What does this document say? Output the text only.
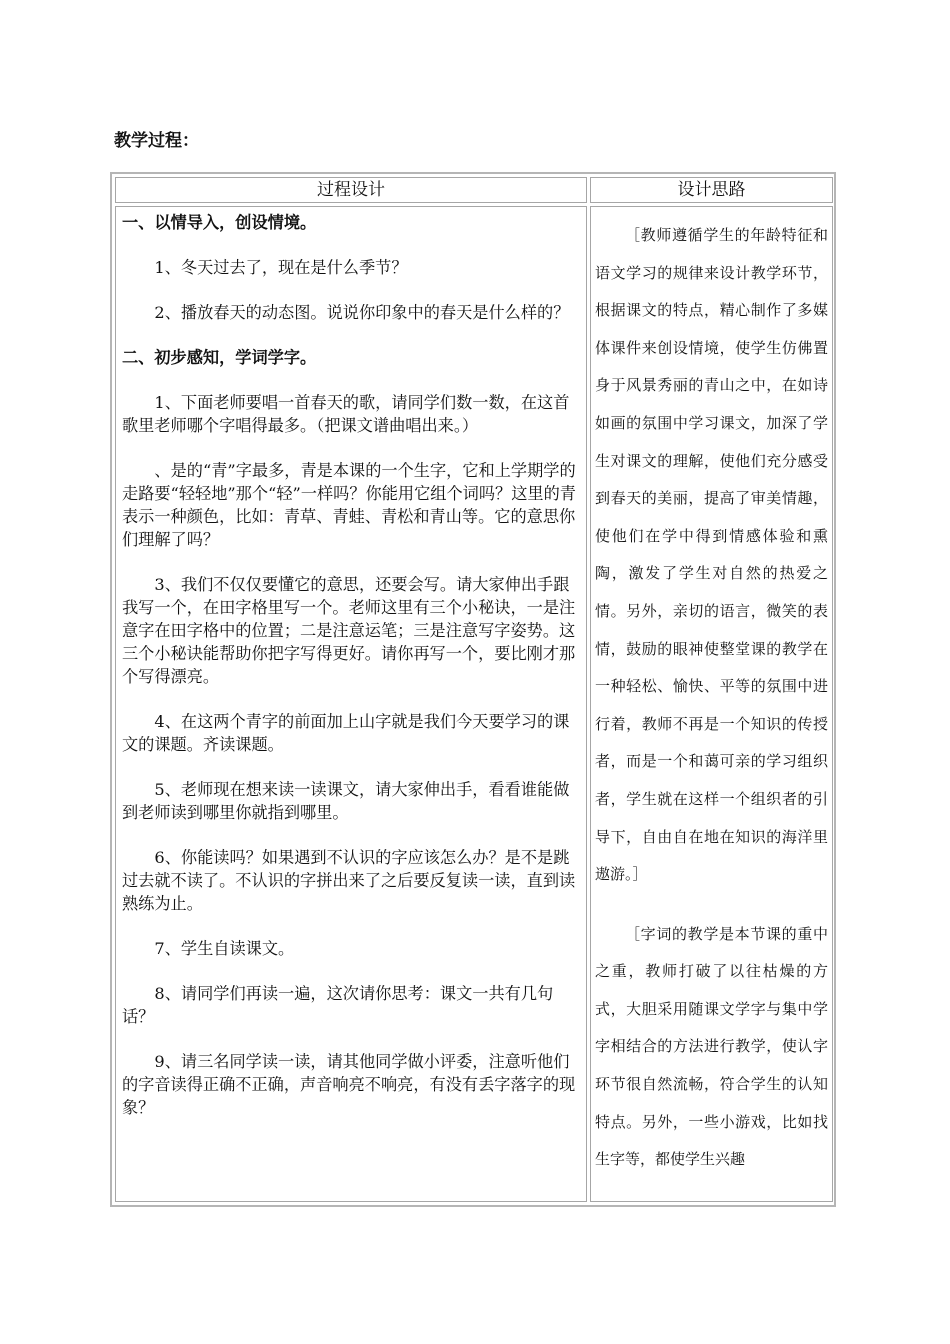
教学过程：
过程设计	设计思路

一、以情导入，创设情境。

1、冬天过去了，现在是什么季节？

2、播放春天的动态图。说说你印象中的春天是什么样的？

二、初步感知，学词学字。

1、下面老师要唱一首春天的歌，请同学们数一数，在这首歌里老师哪个字唱得最多。（把课文谱曲唱出来。）

、是的“青”字最多，青是本课的一个生字，它和上学期学的走路要“轻轻地”那个“轻”一样吗？你能用它组个词吗？这里的青表示一种颜色，比如：青草、青蛙、青松和青山等。它的意思你们理解了吗？

3、我们不仅仅要懂它的意思，还要会写。请大家伸出手跟我写一个，在田字格里写一个。老师这里有三个小秘诀，一是注意字在田字格中的位置；二是注意运笔；三是注意写字姿势。这三个小秘诀能帮助你把字写得更好。请你再写一个，要比刚才那个写得漂亮。

4、在这两个青字的前面加上山字就是我们今天要学习的课文的课题。齐读课题。

5、老师现在想来读一读课文，请大家伸出手，看看谁能做到老师读到哪里你就指到哪里。

6、你能读吗？如果遇到不认识的字应该怎么办？是不是跳过去就不读了。不认识的字拼出来了之后要反复读一读，直到读熟练为止。

7、学生自读课文。

8、请同学们再读一遍，这次请你思考：课文一共有几句话？

9、请三名同学读一读，请其他同学做小评委，注意听他们的字音读得正确不正确，声音响亮不响亮，有没有丢字落字的现象？

［教师遵循学生的年龄特征和语文学习的规律来设计教学环节，根据课文的特点，精心制作了多媒体课件来创设情境，使学生仿佛置身于风景秀丽的青山之中，在如诗如画的氛围中学习课文，加深了学生对课文的理解，使他们充分感受到春天的美丽，提高了审美情趣，使他们在学中得到情感体验和熏陶，激发了学生对自然的热爱之情。另外，亲切的语言，微笑的表情，鼓励的眼神使整堂课的教学在一种轻松、愉快、平等的氛围中进行着，教师不再是一个知识的传授者，而是一个和蔼可亲的学习组织者，学生就在这样一个组织者的引导下，自由自在地在知识的海洋里遨游。］

［字词的教学是本节课的重中之重，教师打破了以往枯燥的方式，大胆采用随课文学字与集中学字相结合的方法进行教学，使认字环节很自然流畅，符合学生的认知特点。另外，一些小游戏，比如找生字等，都使学生兴趣
